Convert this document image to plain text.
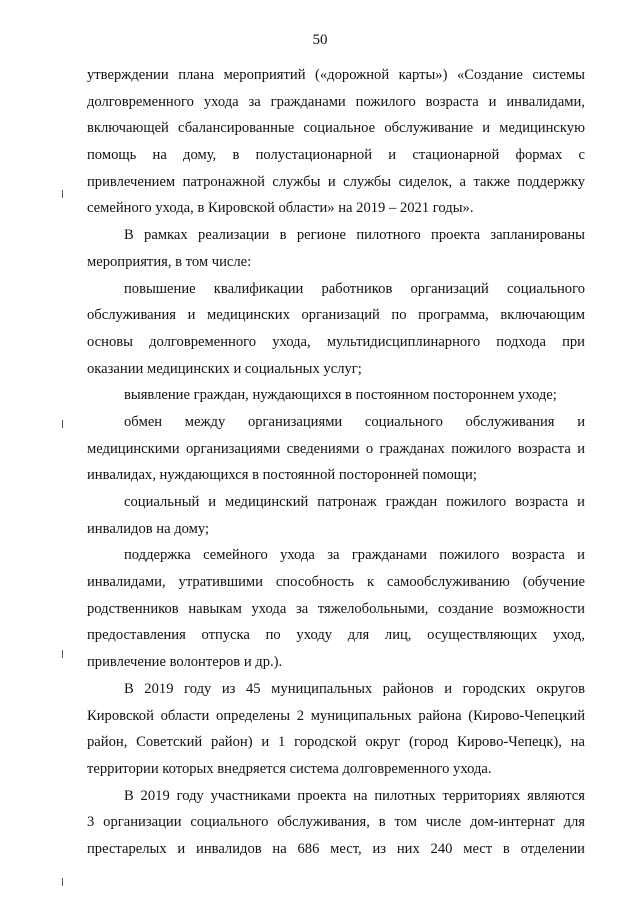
50
утверждении плана мероприятий («дорожной карты») «Создание системы
долговременного ухода за гражданами пожилого возраста и инвалидами,
включающей сбалансированные социальное обслуживание и медицинскую
помощь на дому, в полустационарной и стационарной формах с
привлечением патронажной службы и службы сиделок, а также поддержку
семейного ухода, в Кировской области» на 2019 – 2021 годы».
В рамках реализации в регионе пилотного проекта запланированы
мероприятия, в том числе:
повышение квалификации работников организаций социального
обслуживания и медицинских организаций по программа, включающим
основы долговременного ухода, мультидисциплинарного подхода при
оказании медицинских и социальных услуг;
выявление граждан, нуждающихся в постоянном постороннем уходе;
обмен между организациями социального обслуживания и
медицинскими организациями сведениями о гражданах пожилого возраста и
инвалидах, нуждающихся в постоянной посторонней помощи;
социальный и медицинский патронаж граждан пожилого возраста и
инвалидов на дому;
поддержка семейного ухода за гражданами пожилого возраста и
инвалидами, утратившими способность к самообслуживанию (обучение
родственников навыкам ухода за тяжелобольными, создание возможности
предоставления отпуска по уходу для лиц, осуществляющих уход,
привлечение волонтеров и др.).
В 2019 году из 45 муниципальных районов и городских округов
Кировской области определены 2 муниципальных района (Кирово-Чепецкий
район, Советский район) и 1 городской округ (город Кирово-Чепецк), на
территории которых внедряется система долговременного ухода.
В 2019 году участниками проекта на пилотных территориях являются
3 организации социального обслуживания, в том числе дом-интернат для
престарелых и инвалидов на 686 мест, из них 240 мест в отделении
